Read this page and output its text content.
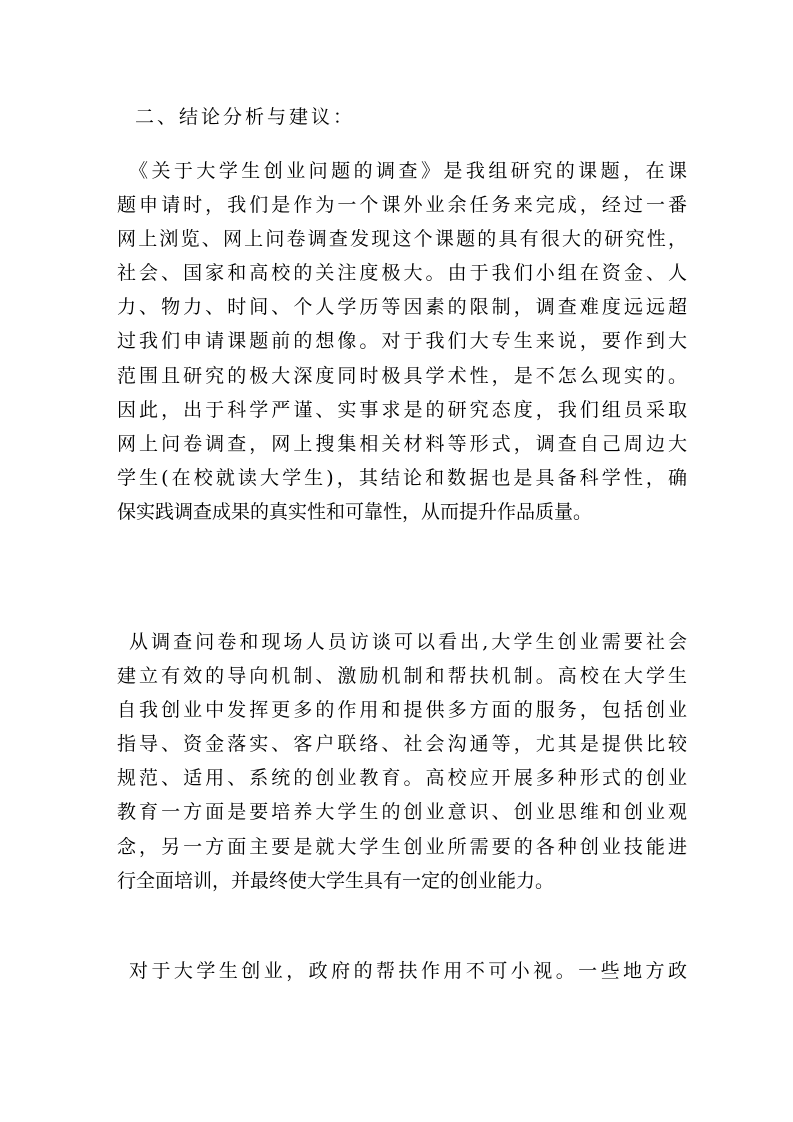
二、结论分析与建议：
《关于大学生创业问题的调查》是我组研究的课题，在课
题申请时，我们是作为一个课外业余任务来完成，经过一番
网上浏览、网上问卷调查发现这个课题的具有很大的研究性，
社会、国家和高校的关注度极大。由于我们小组在资金、人
力、物力、时间、个人学历等因素的限制，调查难度远远超
过我们申请课题前的想像。对于我们大专生来说，要作到大
范围且研究的极大深度同时极具学术性，是不怎么现实的。
因此，出于科学严谨、实事求是的研究态度，我们组员采取
网上问卷调查，网上搜集相关材料等形式，调查自己周边大
学生(在校就读大学生)，其结论和数据也是具备科学性，确
保实践调查成果的真实性和可靠性，从而提升作品质量。
从调查问卷和现场人员访谈可以看出,大学生创业需要社会
建立有效的导向机制、激励机制和帮扶机制。高校在大学生
自我创业中发挥更多的作用和提供多方面的服务，包括创业
指导、资金落实、客户联络、社会沟通等，尤其是提供比较
规范、适用、系统的创业教育。高校应开展多种形式的创业
教育一方面是要培养大学生的创业意识、创业思维和创业观
念，另一方面主要是就大学生创业所需要的各种创业技能进
行全面培训，并最终使大学生具有一定的创业能力。
对于大学生创业，政府的帮扶作用不可小视。一些地方政
